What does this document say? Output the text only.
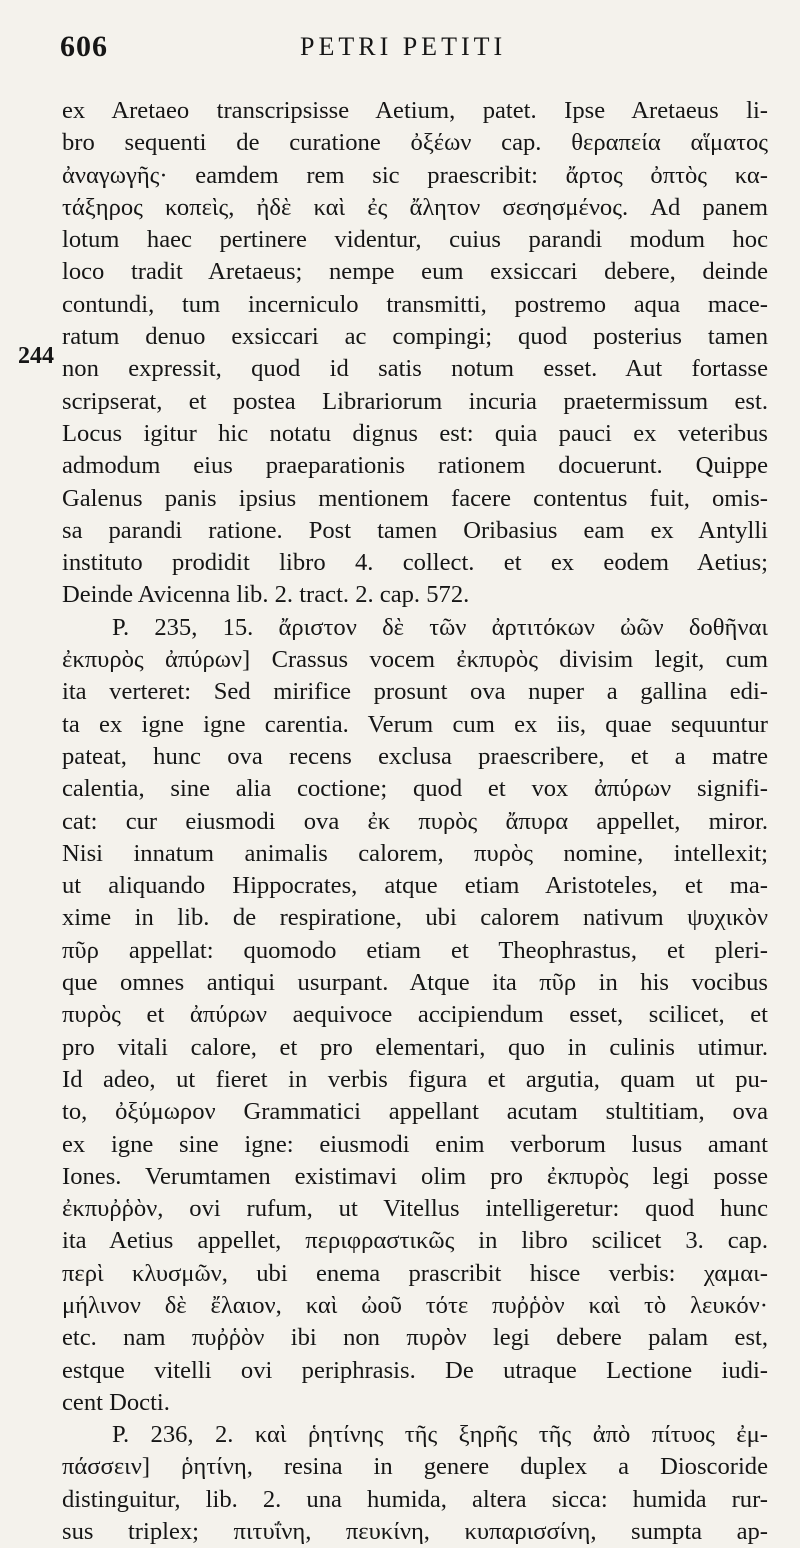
606	PETRI PETITI
244
ex Aretaeo transcripsisse Aetium, patet. Ipse Aretaeus li-
bro sequenti de curatione ὀξέων cap. θεραπεία αἵματος
ἀναγωγῆς· eamdem rem sic praescribit: ἄρτος ὀπτὸς κα-
τάξηρος κοπεὶς, ἠδὲ καὶ ἐς ἄλητον σεσησμένος. Ad panem
lotum haec pertinere videntur, cuius parandi modum hoc
loco tradit Aretaeus; nempe eum exsiccari debere, deinde
contundi, tum incerniculo transmitti, postremo aqua mace-
ratum denuo exsiccari ac compingi; quod posterius tamen
non expressit, quod id satis notum esset. Aut fortasse
scripserat, et postea Librariorum incuria praetermissum est.
Locus igitur hic notatu dignus est: quia pauci ex veteribus
admodum eius praeparationis rationem docuerunt. Quippe
Galenus panis ipsius mentionem facere contentus fuit, omis-
sa parandi ratione. Post tamen Oribasius eam ex Antylli
instituto prodidit libro 4. collect. et ex eodem Aetius;
Deinde Avicenna lib. 2. tract. 2. cap. 572.
P. 235, 15. ἄριστον δὲ τῶν ἀρτιτόκων ὠῶν δοθῆναι
ἐκπυρὸς ἀπύρων] Crassus vocem ἐκπυρὸς divisim legit, cum
ita verteret: Sed mirifice prosunt ova nuper a gallina edi-
ta ex igne igne carentia. Verum cum ex iis, quae sequuntur
pateat, hunc ova recens exclusa praescribere, et a matre
calentia, sine alia coctione; quod et vox ἀπύρων signifi-
cat: cur eiusmodi ova ἐκ πυρὸς ἄπυρα appellet, miror.
Nisi innatum animalis calorem, πυρὸς nomine, intellexit;
ut aliquando Hippocrates, atque etiam Aristoteles, et ma-
xime in lib. de respiratione, ubi calorem nativum ψυχικὸν
πῦρ appellat: quomodo etiam et Theophrastus, et pleri-
que omnes antiqui usurpant. Atque ita πῦρ in his vocibus
πυρὸς et ἀπύρων aequivoce accipiendum esset, scilicet, et
pro vitali calore, et pro elementari, quo in culinis utimur.
Id adeo, ut fieret in verbis figura et argutia, quam ut pu-
to, ὀξύμωρον Grammatici appellant acutam stultitiam, ova
ex igne sine igne: eiusmodi enim verborum lusus amant
Iones. Verumtamen existimavi olim pro ἐκπυρὸς legi posse
ἐκπυῤῥὸν, ovi rufum, ut Vitellus intelligeretur: quod hunc
ita Aetius appellet, περιφραστικῶς in libro scilicet 3. cap.
περὶ κλυσμῶν, ubi enema prascribit hisce verbis: χαμαι-
μήλινον δὲ ἔλαιον, καὶ ὠοῦ τότε πυῤῥὸν καὶ τὸ λευκόν·
etc. nam πυῤῥὸν ibi non πυρὸν legi debere palam est,
estque vitelli ovi periphrasis. De utraque Lectione iudi-
cent Docti.
P. 236, 2. καὶ ῥητίνης τῆς ξηρῆς τῆς ἀπὸ πίτυος ἐμ-
πάσσειν] ῥητίνη, resina in genere duplex a Dioscoride
distinguitur, lib. 2. una humida, altera sicca: humida rur-
sus triplex; πιτυΐνη, πευκίνη, κυπαρισσίνη, sumpta ap-
